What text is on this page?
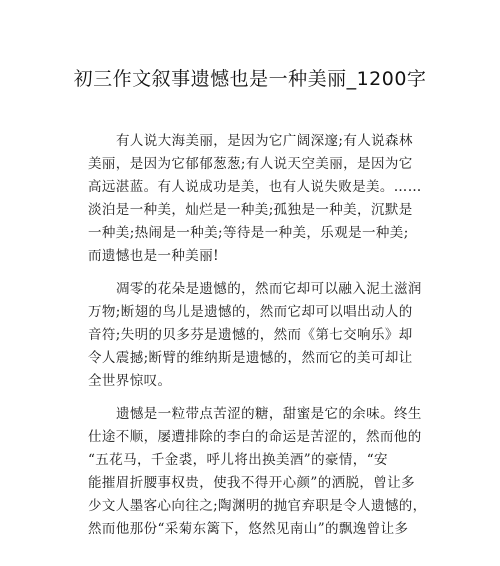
初三作文叙事遗憾也是一种美丽_1200字
有人说大海美丽，是因为它广阔深邃;有人说森林
美丽，是因为它郁郁葱葱;有人说天空美丽，是因为它
高远湛蓝。有人说成功是美，也有人说失败是美。……
淡泊是一种美，灿烂是一种美;孤独是一种美，沉默是
一种美;热闹是一种美;等待是一种美，乐观是一种美;
而遗憾也是一种美丽!
凋零的花朵是遗憾的，然而它却可以融入泥土滋润
万物;断翅的鸟儿是遗憾的，然而它却可以唱出动人的
音符;失明的贝多芬是遗憾的，然而《第七交响乐》却
令人震撼;断臂的维纳斯是遗憾的，然而它的美可却让
全世界惊叹。
遗憾是一粒带点苦涩的糖，甜蜜是它的余味。终生
仕途不顺，屡遭排除的李白的命运是苦涩的，然而他的
“五花马，千金裘，呼儿将出换美酒”的豪情，“安
能摧眉折腰事权贵，使我不得开心颜”的洒脱，曾让多
少文人墨客心向往之;陶渊明的抛官弃职是令人遗憾的，
然而他那份“采菊东篱下，悠然见南山”的飘逸曾让多
